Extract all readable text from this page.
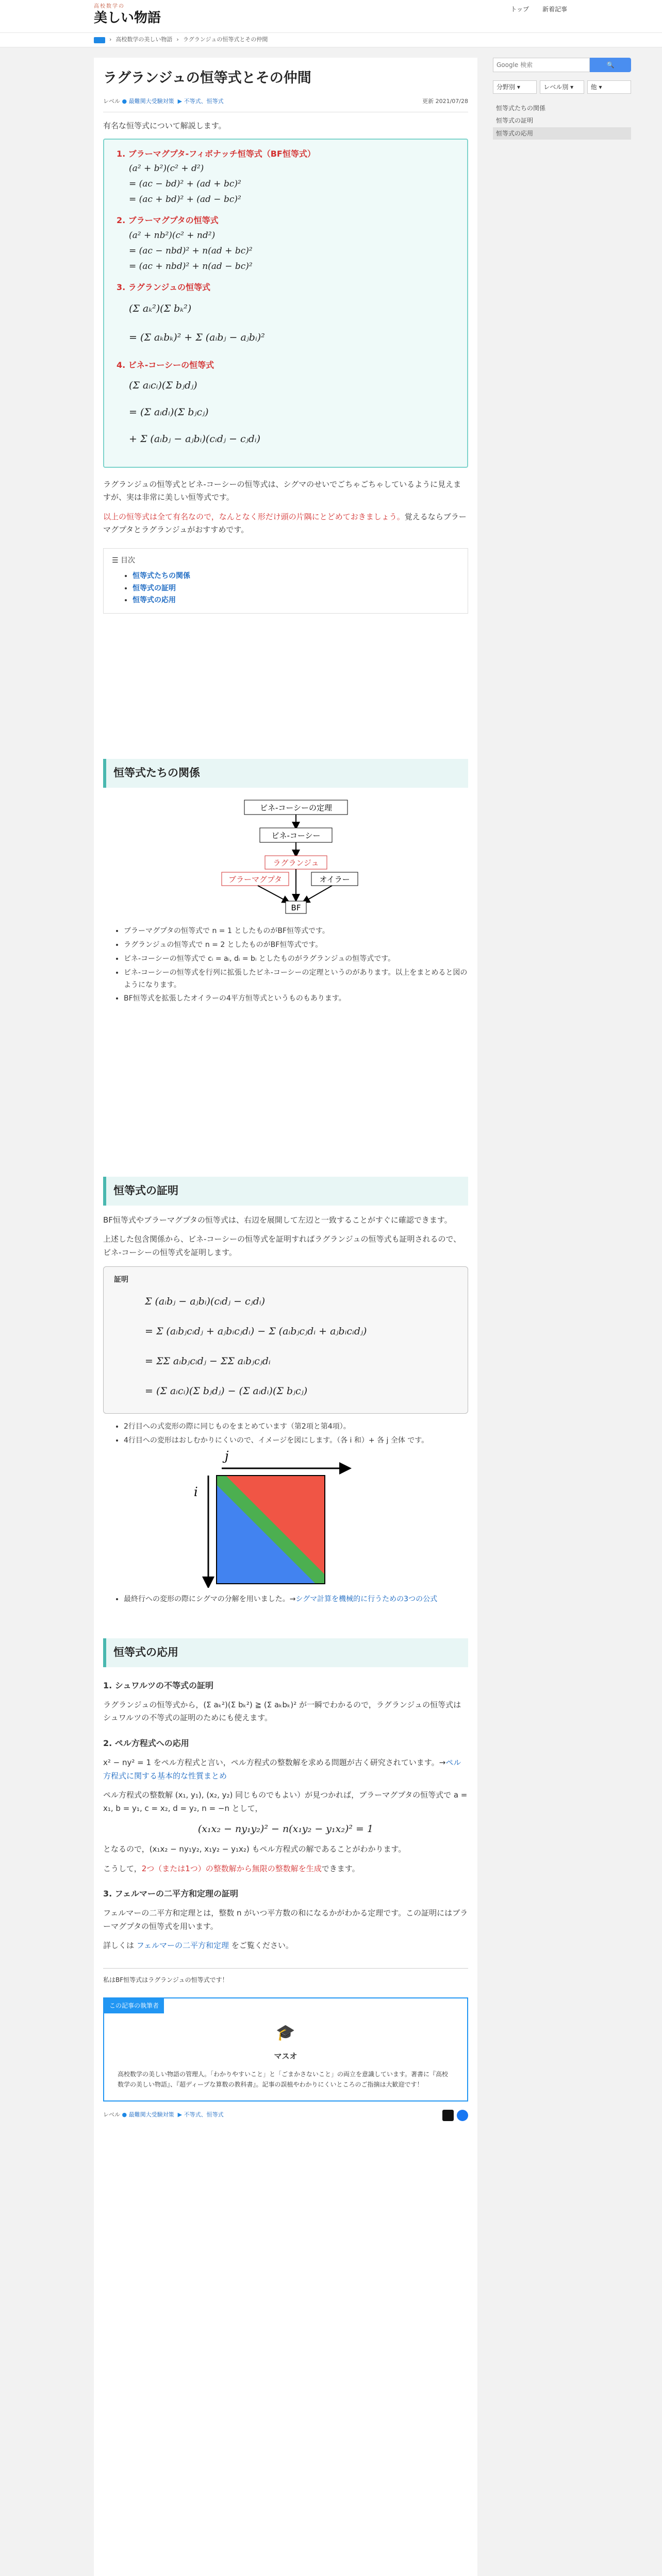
高校数学の
美しい物語
トップ 新着記事
› 高校数学の美しい物語 › ラグランジュの恒等式とその仲間
ラグランジュの恒等式とその仲間
レベル ● 最難関大受験対策 ▶ 不等式、恒等式	更新 2021/07/28

有名な恒等式について解説します。

1. ブラーマグプタ-フィボナッチ恒等式（BF恒等式）
(a² + b²)(c² + d²)
= (ac − bd)² + (ad + bc)²
= (ac + bd)² + (ad − bc)²
2. ブラーマグプタの恒等式
(a² + nb²)(c² + nd²)
= (ac − nbd)² + n(ad + bc)²
= (ac + nbd)² + n(ad − bc)²
3. ラグランジュの恒等式
(Σ aₖ²)(Σ bₖ²)
= (Σ aₖbₖ)² + Σ (aᵢbⱼ − aⱼbᵢ)²
4. ビネ-コーシーの恒等式
(Σ aᵢcᵢ)(Σ bⱼdⱼ)
= (Σ aᵢdᵢ)(Σ bⱼcⱼ)
+ Σ (aᵢbⱼ − aⱼbᵢ)(cᵢdⱼ − cⱼdᵢ)

ラグランジュの恒等式とビネ-コーシーの恒等式は、シグマのせいでごちゃごちゃしているように見えますが、実は非常に美しい恒等式です。

以上の恒等式は全て有名なので，なんとなく形だけ頭の片隅にとどめておきましょう。覚えるならブラーマグプタとラグランジュがおすすめです。

☰ 目次
• 恒等式たちの関係
• 恒等式の証明
• 恒等式の応用
恒等式たちの関係
ビネ-コーシーの定理
ビネ-コーシー
ラグランジュ
ブラーマグプタ	オイラー
BF
• ブラーマグプタの恒等式で n = 1 としたものがBF恒等式です。
• ラグランジュの恒等式で n = 2 としたものがBF恒等式です。
• ビネ-コーシーの恒等式で cᵢ = aᵢ, dᵢ = bᵢ としたものがラグランジュの恒等式です。
• ビネ-コーシーの恒等式を行列に拡張したビネ-コーシーの定理というのがあります。以上をまとめると図のようになります。
• BF恒等式を拡張したオイラーの4平方恒等式というものもあります。
恒等式の証明

BF恒等式やブラーマグプタの恒等式は、右辺を展開して左辺と一致することがすぐに確認できます。

上述した包含関係から、ビネ-コーシーの恒等式を証明すればラグランジュの恒等式も証明されるので、ビネ-コーシーの恒等式を証明します。

証明
Σ (aᵢbⱼ − aⱼbᵢ)(cᵢdⱼ − cⱼdᵢ)
= Σ (aᵢbⱼcᵢdⱼ + aⱼbᵢcⱼdᵢ) − Σ (aᵢbⱼcⱼdᵢ + aⱼbᵢcᵢdⱼ)
= ΣΣ aᵢbⱼcᵢdⱼ − ΣΣ aᵢbⱼcⱼdᵢ
= (Σ aᵢcᵢ)(Σ bⱼdⱼ) − (Σ aᵢdᵢ)(Σ bⱼcⱼ)
• 2行目への式変形の際に同じものをまとめています（第2項と第4項）。
• 4行目への変形はおしむかりにくいので、イメージを図にします。（各 i 和）+ 各 j 全体 です。
j
i
• 最終行への変形の際にシグマの分解を用いました。→シグマ計算を機械的に行うための3つの公式
恒等式の応用
1. シュワルツの不等式の証明

ラグランジュの恒等式から，(Σ aₖ²)(Σ bₖ²) ≧ (Σ aₖbₖ)² が一瞬でわかるので，ラグランジュの恒等式はシュワルツの不等式の証明のためにも使えます。

2. ペル方程式への応用

x² − ny² = 1 をペル方程式と言い，ペル方程式の整数解を求める問題が古く研究されています。→ペル方程式に関する基本的な性質まとめ

ペル方程式の整数解 (x₁, y₁), (x₂, y₂) 同じものでもよい）が見つかれば，ブラーマグプタの恒等式で a = x₁, b = y₁, c = x₂, d = y₂, n = −n として，

(x₁x₂ − ny₁y₂)² − n(x₁y₂ − y₁x₂)² = 1

となるので，(x₁x₂ − ny₁y₂, x₁y₂ − y₁x₂) もペル方程式の解であることがわかります。

こうして，2つ（または1つ）の整数解から無限の整数解を生成できます。

3. フェルマーの二平方和定理の証明

フェルマーの二平方和定理とは，整数 n がいつ平方数の和になるかがわかる定理です。この証明にはブラーマグプタの恒等式を用います。

詳しくは フェルマーの二平方和定理 をご覧ください。

私はBF恒等式はラグランジュの恒等式です！
この記事の執筆者
🎓
マスオ
高校数学の美しい物語の管理人。「わかりやすいこと」と「ごまかさないこと」の両立を意識しています。著書に『高校数学の美しい物語』、『超ディープな算数の教科書』。記事の誤植やわかりにくいところのご指摘は大歓迎です！
レベル ● 最難関大受験対策 ▶ 不等式、恒等式
Google 検索
🔍
分野別 ▾	レベル別 ▾	他 ▾
恒等式たちの関係
恒等式の証明
恒等式の応用
